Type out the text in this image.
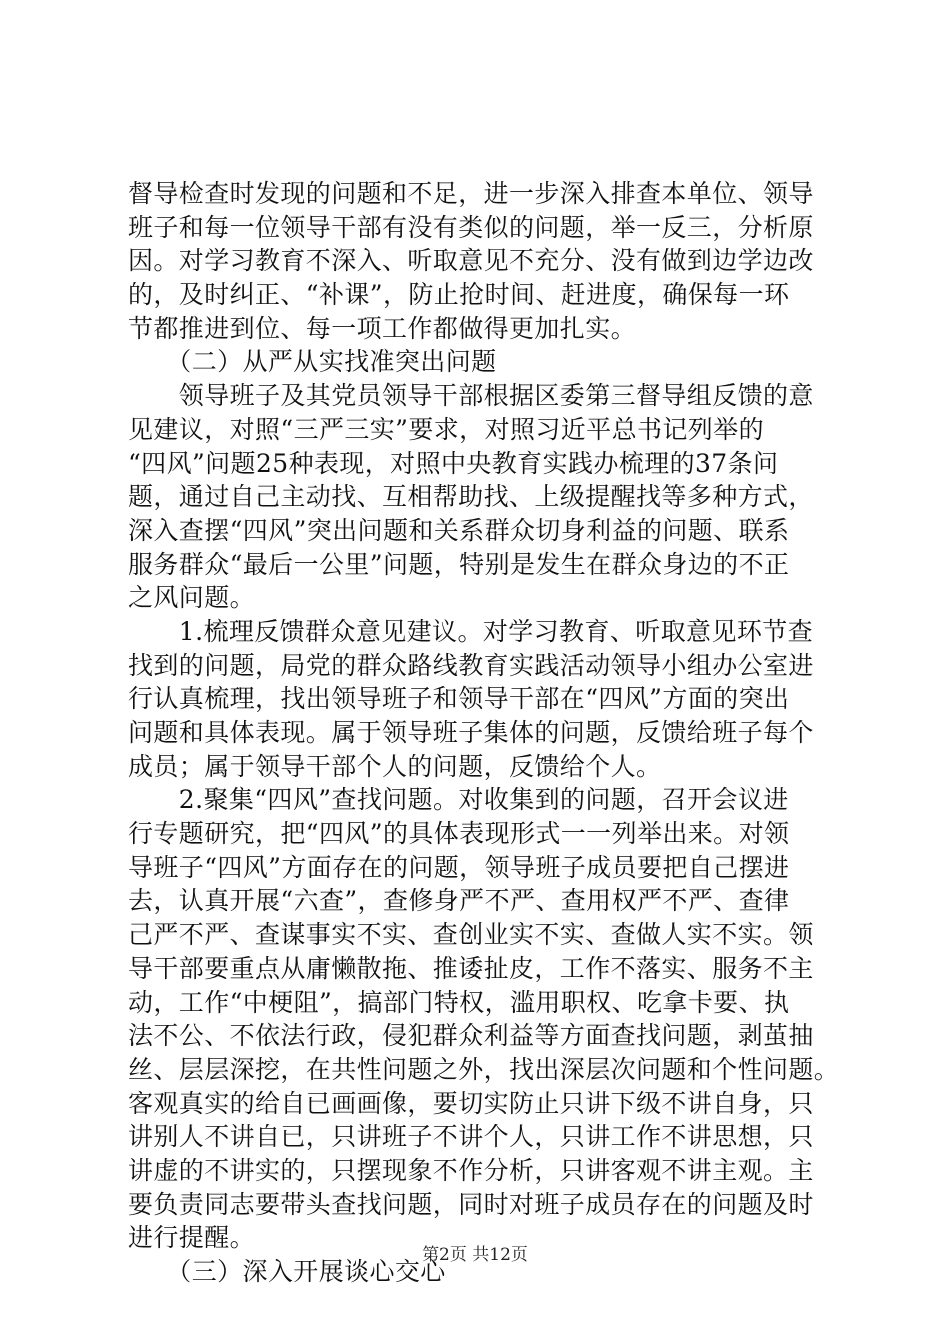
督导检查时发现的问题和不足，进一步深入排查本单位、领导
班子和每一位领导干部有没有类似的问题，举一反三，分析原
因。对学习教育不深入、听取意见不充分、没有做到边学边改
的，及时纠正、“补课”，防止抢时间、赶进度，确保每一环
节都推进到位、每一项工作都做得更加扎实。
　　（二）从严从实找准突出问题
　　领导班子及其党员领导干部根据区委第三督导组反馈的意
见建议，对照“三严三实”要求，对照习近平总书记列举的
“四风”问题25种表现，对照中央教育实践办梳理的37条问
题，通过自己主动找、互相帮助找、上级提醒找等多种方式，
深入查摆“四风”突出问题和关系群众切身利益的问题、联系
服务群众“最后一公里”问题，特别是发生在群众身边的不正
之风问题。
　　1.梳理反馈群众意见建议。对学习教育、听取意见环节查
找到的问题，局党的群众路线教育实践活动领导小组办公室进
行认真梳理，找出领导班子和领导干部在“四风”方面的突出
问题和具体表现。属于领导班子集体的问题，反馈给班子每个
成员；属于领导干部个人的问题，反馈给个人。
　　2.聚集“四风”查找问题。对收集到的问题，召开会议进
行专题研究，把“四风”的具体表现形式一一列举出来。对领
导班子“四风”方面存在的问题，领导班子成员要把自己摆进
去，认真开展“六查”，查修身严不严、查用权严不严、查律
己严不严、查谋事实不实、查创业实不实、查做人实不实。领
导干部要重点从庸懒散拖、推诿扯皮，工作不落实、服务不主
动，工作“中梗阻”，搞部门特权，滥用职权、吃拿卡要、执
法不公、不依法行政，侵犯群众利益等方面查找问题，剥茧抽
丝、层层深挖，在共性问题之外，找出深层次问题和个性问题。
客观真实的给自已画画像，要切实防止只讲下级不讲自身，只
讲别人不讲自已，只讲班子不讲个人，只讲工作不讲思想，只
讲虚的不讲实的，只摆现象不作分析，只讲客观不讲主观。主
要负责同志要带头查找问题，同时对班子成员存在的问题及时
进行提醒。
　　（三）深入开展谈心交心
第2页 共12页
